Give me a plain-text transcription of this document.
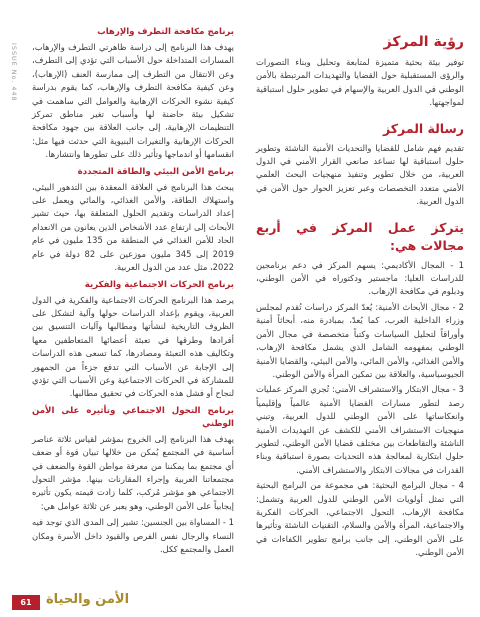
ISSUE No. 448
رؤية المركز

توفير بيئة بحثية متميزة لمتابعة وتحليل وبناء التصورات والرؤى المستقبلية حول القضايا والتهديدات المرتبطة بالأمن الوطني في الدول العربية والإسهام في تطوير حلول استباقية لمواجهتها.

رسالة المركز

تقديم فهم شامل للقضايا والتحديات الأمنية الناشئة وتطوير حلول استباقية لها تساعد صانعي القرار الأمني في الدول العربية، من خلال تطوير وتنفيذ منهجيات البحث العلمي الأمني متعدد التخصصات وعبر تعزيز الحوار حول الأمن في الدول العربية.

يتركز عمل المركز في أربع مجالات هي:
1 - المجال الأكاديمي: يسهم المركز في دعم برنامجين للدراسات العليا: ماجستير ودكتوراه في الأمن الوطني، ودبلوم في مكافحة الإرهاب.
2 - مجال الأبحاث الأمنية: يُعدّ المركز دراسات تُقدم لمجلس وزراء الداخلية العرب، كما يُعدّ، بمبادرة منه، أبحاثاً أمنية وأوراقاً لتحليل السياسات وكتباً متخصصة في مجال الأمن الوطني بمفهومه الشامل الذي يشمل مكافحة الإرهاب، والأمن الغذائي، والأمن المائي، والأمن البيئي، والقضايا الأمنية الجيوسياسية، والعلاقة بين تمكين المرأة والأمن الوطني.
3 - مجال الابتكار والاستشراف الأمني: تُجري المركز عمليات رصد لتطور مسارات القضايا الأمنية عالمياً وإقليمياً وانعكاساتها على الأمن الوطني للدول العربية، وتبني منهجيات الاستشراف الأمني للكشف عن التهديدات الأمنية الناشئة والتقاطعات بين مختلف قضايا الأمن الوطني، لتطوير حلول ابتكارية لمعالجة هذه التحديات بصورة استباقية وبناء القدرات في مجالات الابتكار والاستشراف الأمني.
4 - مجال البرامج البحثية: هي مجموعة من البرامج البحثية التي تمثل أولويات الأمن الوطني للدول العربية وتشمل: مكافحة الإرهاب، التحول الاجتماعي، الحركات الفكرية والاجتماعية، المرأة والأمن والسلام، التقنيات الناشئة وتأثيرها على الأمن الوطني، إلى جانب برامج تطوير الكفاءات في الأمن الوطني.
برنامج مكافحة التطرف والإرهاب

يهدف هذا البرنامج إلى دراسة ظاهرتي التطرف والإرهاب، المسارات المتداخلة حول الأسباب التي تؤدي إلى التطرف، وعن الانتقال من التطرف إلى ممارسة العنف (الإرهاب)، وعن كيفية مكافحة التطرف والإرهاب، كما يقوم بدراسة كيفية نشوء الحركات الإرهابية والعوامل التي ساهمت في تشكيل بيئة حاضنة لها وأسباب تغير مناطق تمركز التنظيمات الإرهابية، إلى جانب العلاقة بين جهود مكافحة الحركات الإرهابية والتغيرات البنيوية التي حدثت فيها مثل: انقسامها أو اندماجها وتأثير ذلك على تطورها وانتشارها.

برنامج الأمن البيئي والطاقة المتجددة

يبحث هذا البرنامج في العلاقة المعقدة بين التدهور البيئي، واستهلاك الطاقة، والأمن الغذائي، والمائي ويعمل على إعداد الدراسات وتقديم الحلول المتعلقة بها، حيث تشير الأبحاث إلى ارتفاع عدد الأشخاص الذين يعانون من الانعدام الحاد للأمن الغذائي في المنطقة من 135 مليون في عام 2019 إلى 345 مليون موزعين على 82 دولة في عام 2022، مثل عدد من الدول العربية.

برنامج الحركات الاجتماعية والفكرية

يرصد هذا البرنامج الحركات الاجتماعية والفكرية في الدول العربية، ويقوم بإعداد الدراسات حولها وآلية لتشكل على الظروف التاريخية لنشأتها ومطالبها وآليات التنسيق بين أفرادها وطرقها في تعبئة أعضائها المتعاطفين معها وتكاليف هذه التعبئة ومصادرها، كما تسعى هذه الدراسات إلى الإجابة عن الأسباب التي تدفع جزءاً من الجمهور للمشاركة في الحركات الاجتماعية وعن الأسباب التي تؤدي لنجاح أو فشل هذه الحركات في تحقيق مطالبها.

برنامج التحول الاجتماعي وتأثيره على الأمن الوطني

يهدف هذا البرنامج إلى الخروج بمؤشر لقياس ثلاثة عناصر أساسية في المجتمع يُمكن من خلالها تبيان قوة أو ضعف أي مجتمع بما يمكننا من معرفة مواطن القوة والضعف في مجتمعاتنا العربية وإجراء المقارنات بينها. مؤشر التحول الاجتماعي هو مؤشر مُركب، كلما زادت قيمته يكون تأثيره إيجابياً على الأمن الوطني، وهو يعبر عن ثلاثة عوامل هي:

1 - المساواة بين الجنسين: تشير إلى المدى الذي توجد فيه النساء والرجال نفس الفرص والقيود داخل الأسرة ومكان العمل والمجتمع ككل.
61	الأمن والحياة
